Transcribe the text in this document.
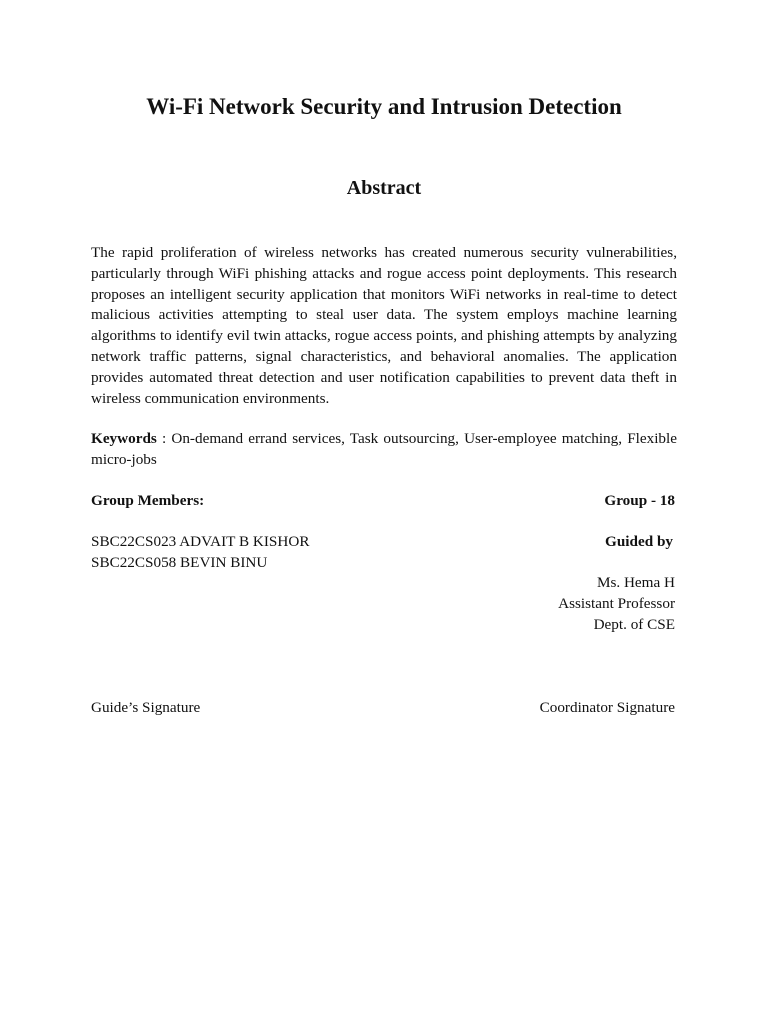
Wi-Fi Network Security and Intrusion Detection
Abstract

The rapid proliferation of wireless networks has created numerous security vulnerabilities, particularly through WiFi phishing attacks and rogue access point deployments. This research proposes an intelligent security application that monitors WiFi networks in real-time to detect malicious activities attempting to steal user data. The system employs machine learning algorithms to identify evil twin attacks, rogue access points, and phishing attempts by analyzing network traffic patterns, signal characteristics, and behavioral anomalies. The application provides automated threat detection and user notification capabilities to prevent data theft in wireless communication environments.

Keywords : On-demand errand services, Task outsourcing, User-employee matching, Flexible micro-jobs

Group Members:	Group - 18
SBC22CS023 ADVAIT B KISHOR	Guided by
SBC22CS058 BEVIN BINU
Ms. Hema H
Assistant Professor
Dept. of CSE
Guide’s Signature	Coordinator Signature
